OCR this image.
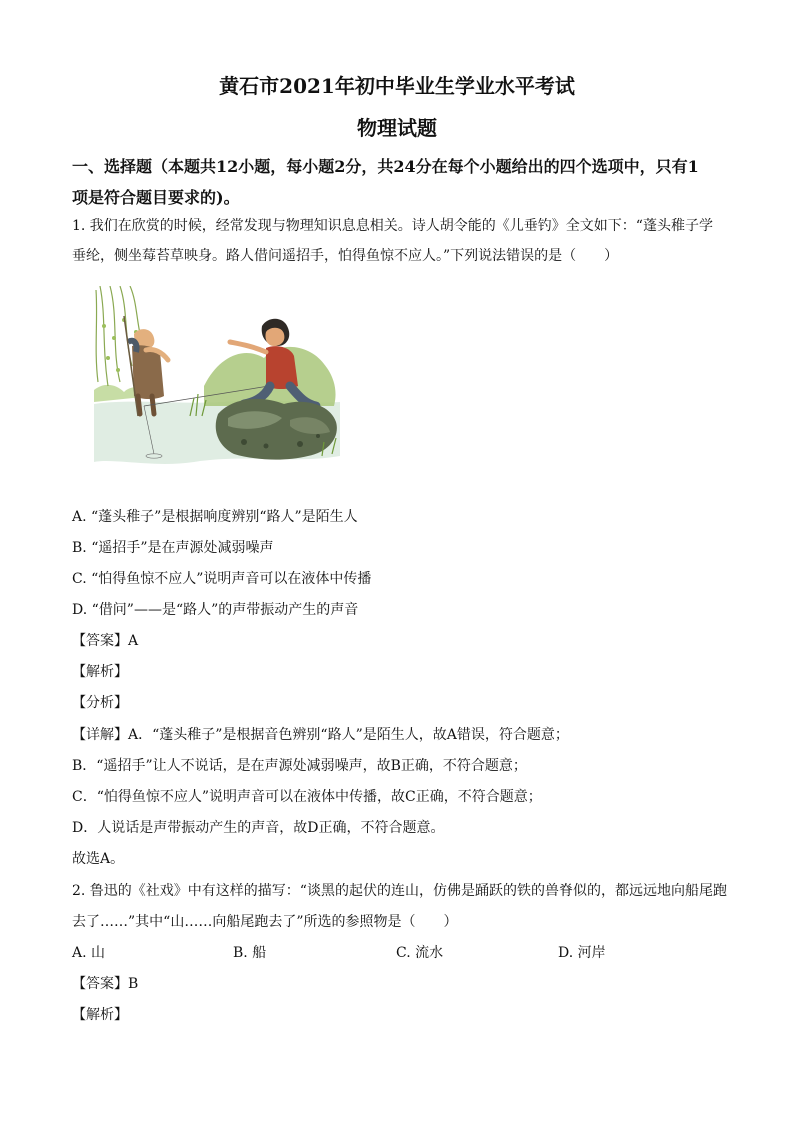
黄石市2021年初中毕业生学业水平考试
物理试题
一、选择题（本题共12小题，每小题2分，共24分在每个小题给出的四个选项中，只有1
项是符合题目要求的)。
1. 我们在欣赏的时候，经常发现与物理知识息息相关。诗人胡令能的《儿垂钓》全文如下：“蓬头稚子学
垂纶，侧坐莓苔草映身。路人借问遥招手，怕得鱼惊不应人。”下列说法错误的是（　　）
A. “蓬头稚子”是根据响度辨别“路人”是陌生人
B. “遥招手”是在声源处减弱噪声
C. “怕得鱼惊不应人”说明声音可以在液体中传播
D. “借问”——是“路人”的声带振动产生的声音
【答案】A
【解析】
【分析】
【详解】A．“蓬头稚子”是根据音色辨别“路人”是陌生人，故A错误，符合题意；
B．“遥招手”让人不说话，是在声源处减弱噪声，故B正确，不符合题意；
C．“怕得鱼惊不应人”说明声音可以在液体中传播，故C正确，不符合题意；
D．人说话是声带振动产生的声音，故D正确，不符合题意。
故选A。
2. 鲁迅的《社戏》中有这样的描写：“谈黑的起伏的连山，仿佛是踊跃的铁的兽脊似的，都远远地向船尾跑
去了……”其中“山……向船尾跑去了”所选的参照物是（　　）
A. 山	B. 船	C. 流水	D. 河岸
【答案】B
【解析】
